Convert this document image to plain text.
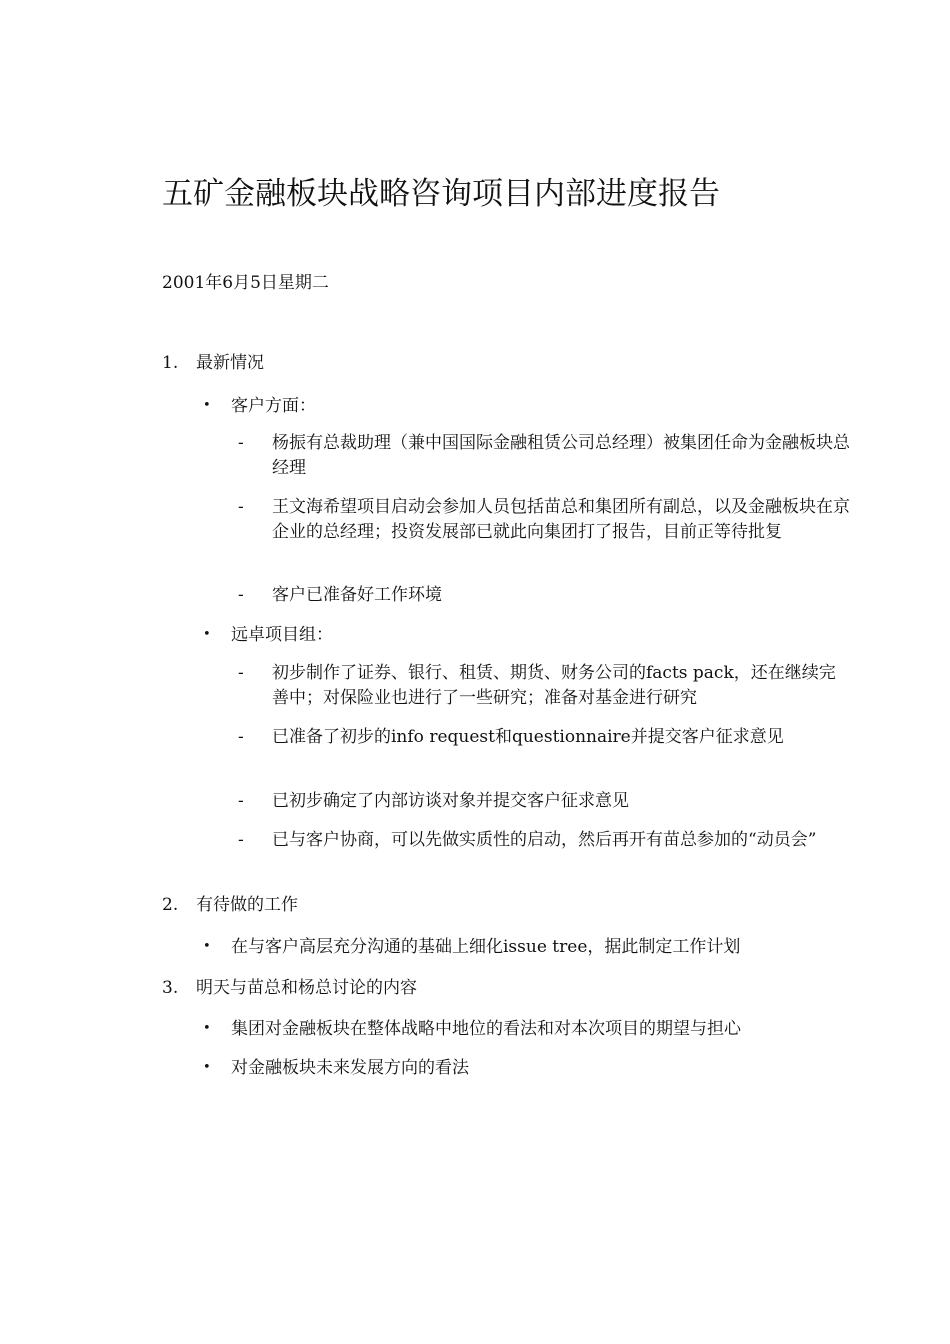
五矿金融板块战略咨询项目内部进度报告
2001年6月5日星期二
1. 最新情况
• 客户方面：
- 杨振有总裁助理（兼中国国际金融租赁公司总经理）被集团任命为金融板块总经理
- 王文海希望项目启动会参加人员包括苗总和集团所有副总，以及金融板块在京企业的总经理；投资发展部已就此向集团打了报告，目前正等待批复
- 客户已准备好工作环境
• 远卓项目组：
- 初步制作了证券、银行、租赁、期货、财务公司的facts pack，还在继续完善中；对保险业也进行了一些研究；准备对基金进行研究
- 已准备了初步的info request和questionnaire并提交客户征求意见
- 已初步确定了内部访谈对象并提交客户征求意见
- 已与客户协商，可以先做实质性的启动，然后再开有苗总参加的“动员会”
2. 有待做的工作
• 在与客户高层充分沟通的基础上细化issue tree，据此制定工作计划
3. 明天与苗总和杨总讨论的内容
• 集团对金融板块在整体战略中地位的看法和对本次项目的期望与担心
• 对金融板块未来发展方向的看法
